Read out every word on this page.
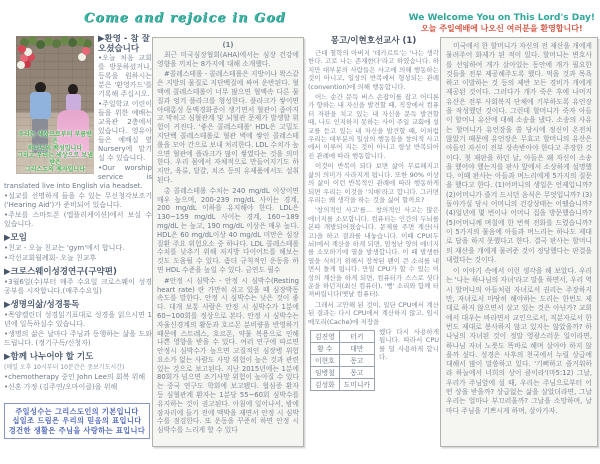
Come and rejoice in God	We Welcome You on This Lord's Day!
오늘 주일예배에 나오신 여러분을 환영합니다!
우리는 세상으로부터 부름받은
하나님의 백성입니다
그리고 우리는 세상으로 보냄받은
그리스도의 제자입니다
▶환영 - 참 잘 오셨습니다
•오늘 처음 교회를 방문하셨거나, 등록을 원하시는 분은 '환영카드'를 기록해 주십시오.
•주일학교 어린이들을 위한 예배는 교육관 2층에서 있습니다. 영유아들은 예배실 옆 Nursery에 맡기실 수 있습니다.
•Our worship service is translated live into English via headset.
•설교를 선명하게 들을 수 있는 무선청각보조기('Hearing Aid')가 준비되어 있습니다.
•주보를 스마트폰 (앱플리케이션)에서 보실 수 있습니다.
▶모임
•친교 - 오늘 친교는 'gym'에서 합니다.
•각선교회월례회- 오늘 친교후
▶크로스웨이성경연구(구약편)
•3월6일(수)부터 매주 수요일 크로스웨이 성경공부를 시작합니다.(매주수요일)
▶생명의삶/성경통독
•목양캘린더 성경읽기표대로 성경을 읽으시면 1년에 일독하실수 있습니다.
•생명의 삶은 날마다 주님과 동행하는 삶을 도와드립니다. (정기구독/신청자)
▶함께 나누어야 할 기도
(매일 오후 10시부터 10분간은 중보기도시간)
•chemotherapy 중인 John Lee의 회복 위해
•신혼 가정 (김주연/오마이클)을 위해
주일성수는 그리스도인의 기본입니다
십일조 드림은 우리의 믿음의 표입니다
경건한 생활은 주님을 사랑하는 표입니다
(1)
최근 미국심장협회(AHA)에서는 심장 건강에 영향을 끼치는 8가지에 대해 소개했다.
#콜레스테롤 - 콜레스테롤은 지방이나 왁스같은 지방의 물질로 지단백질에 싸여 운반된다. 혈액에 콜레스테롤이 너무 많으면 혈액속 다른 물질과 엉겨 플라크를 형성한다. 플라크가 쌓이면 아테롬성 동맥경화증이 생기면서 혈관이 좁아지고 막히고 심혈관계 및 뇌혈관 문제가 발생할 위험이 커진다. '좋은 콜레스테롤' HDL은 고밀도지단백 콜레스테롤로 혈관 벽에 쌓인 콜레스테롤을 모아 간으로 보내 처리한다. LDL 수치가 높으면 혈관에 플라크가 많이 쌓였다는 것을 의미한다. 우리 몸에서 자체적으로 만들어지기도 하지만, 육류, 달걀, 치즈 등의 유제품에서도 섭취된다.
총 콜레스테롤 수치는 240 mg/dL 이상이면 매우 높으며, 200-239 mg/dL 사이는 경계, 200 mg/dL 이하를 유지해야 한다. LDL은 130~159 mg/dL 사이는 경계, 160~189 mg/dL 는 높고, 190 mg/dL 이상은 매우 높다. HDL은 60 mg/dL이상 40 mg/dL 미만은 심장질환 주요 위험요소 중 하나다. LDL 콜레스테롤 수치를 낮추기 위해 저지방 다이어트를 해보는 것도 도움될 수 있다. 좀더 규칙적인 운동을 하면 HDL 수준을 높일 수 있다. 금연도 필수
#안정 시 심박수 - 안정 시 심박수(Resting heart rate) 란 가만히 쉬고 있을 때 심장박동 속도를 말한다. 안정 시 심박수는 낮은 것이 좋다. 대개 보통 사람은 안정 시 심박수가 1분에 60~100회를 정상으로 본다. 안정 시 심박수는 자율신경계의 활동과 호르몬 분비량을 반영하기 때문에 스트레스, 호르몬, 약물 복용으로 인해 나쁜 영향을 받을 수 있다. 여러 연구에 따르면 안정시 심박수가 높으면 고질적인 심장병 위험요소가 없는 사람도 사망 위험이 높은 것과 관련있는 것으로 보고된다. 지난 2015년에는 1분에 80회가 넘으면 조기사망 위험이 높아질 수 있다는 중국 연구도 학회에 보고됐다. 협심증 환자 등 심혈관계 환자는 1분당 55~60회 심박수를 유지하는 것이 권고된다. 아침에 일어나서, 밤에 잠자리에 들기 전에 맥박을 재면서 안정 시 심박수를 점검한다. 또 운동을 꾸준히 하면 안정 시 심박수를 느리게 할 수 있다
몽고/이현호선교사 (1)
근대 철학의 아버지 '데카르트'는 '나는 생각한다. 고로 나는 존재한다'라고 하였습니다. 하지만 대부분의 사람들은 사고에 의해 행동하는 것이 아니고, 일상의 반복에서 형성되는 관례(convention)에 의해 행동합니다.
어느 순간 문득 버스 손잡이를 잡고 어디론 가 향하는 내 자신을 발견할 때, 직장에서 컴퓨터 자판을 치고 있는 내 자신을 문득 발견할 때, 나도 인지하지 못하는 사이 주일 교회에 설교를 듣고 있는 내 자신을 발견할 때, 이처럼 우리는 대부분의 일상의 행동들을 창의적 사고에서 이루어 지는 것이 아니고 항상 반복되어진 관례에 따라 행동합니다.
이것이 반복이 되다 보면 삶이 무료해지고 삶의 의미가 사라지게 됩니다. 또한 90% 이상의 삶이 이런 반복적인 관례에 따라 행동하게 되면 우리는 이것을 '치매'라고 합니다. 그러면 우리는 왜 생각을 하는 것을 싫어 할까요?
'창의적인 사고'를... 창의적인 사고는 많은 에너지를 소모합니다. 컴퓨터는 인간의 두뇌를 본따 개발되어졌습니다. 문제를 주면 계산(사고)을 하고 결과를 내놓습니다. 이때 CPU(두뇌)에서 계산을 하게 되면, 엄청난 양의 에너지를 소모하기에 열을 발생합니다. 이 때 발생한 열을 식히기 위해서 장착된 팬이 큰 소리를 내면서 돌게 됩니다. 만일 CPU가 할 수 있는 이상의 계산을 하게 되면, 컴퓨터가 스스로 셧다운을 하던지(최신 컴퓨터), '뻥' 소리와 함께 터져버립니다(옛날 컴퓨터).
그래서 고안해 된 것이, 일단 CPU에서 계산된 결과는 다시 CPU에서 계산하지 않고, 임시메모리(Cache)에 저장을
김진영	터키
황 수	대만
이현호	몽고
임병철	몽고
김성화	도미니카
했다 다시 사용하게 됩니다. 따라서 CPU를 덜 사용하게 합니다.
미국에서 한 할머니가 자신의 전 재산을 개에게 물려주어 화제가 된 적이 있다. 할머니는 변호사를 선임하여 개가 살아있는 동안에 개가 필요한 것들을 전부 제공해주도록 했다. 먹을 것과 목욕하고 이발하는 것 등의 제반 모든 경비가 개에게 제공된 것이다. 그러다가 개가 죽은 후에 나머지 유산은 전부 사회복지 단체에 기부하도록 유언장을 작성했던 것이다. 그런데 할머니가 죽자 아들이 할머니 유산에 대해 소송을 냈다. 소송의 사유는 할머니가 유언장을 쓸 당시에 정신이 온전치 않았기 때문에 유언장은 무효고 할머니의 유산은 아들인 자신이 전부 상속받아야 한다고 주장한 것이다. 첫 재판을 하던 날, 아들은 왜 자신이 소송을 했어야 했는지를 판사 앞에서 소상하게 설명했다. 이때 판사는 아들과 며느리에게 5가지의 질문을 했다고 한다. (1)어머니의 생일은 언제입니까? (2)어머니가 즐겨 드시던 음식은 무엇입니까? (3)돌아가실 당시 어머니의 건강상태는 어땠습니까? (4)일년에 몇 번이나 어머니 집을 방문했습니까? (5)어머니께 며칠에 한 번씩 전화를 드렸습니까? 이 5가지의 물음에 아들과 며느리는 하나도 제대로 답을 하지 못했다고 한다. 결국 판사는 할머니의 재산을 개에게 물려준 것이 정당했다는 판결을 내렸다는 것이다.
이 이야기 속에서 이런 생각을 해 보았다. 우리는 '나는 하나님의 자녀'라고 말을 하면서, 우리 역시 할머니의 아들처럼 자녀로서 권리는 주장하지만, 자녀로서 마땅히 해야하는 도리는 한번도 제대로 하지 않으면서 살고 있는 것은 아닌가? 교회에서 대우는 바라면서 교인으로서, 직분자로서 한번도 제대로 봉사하지 않고 있지는 않았을까? 하나님의 자녀된 것이 정말 영광스러운 일이라면, 하나님 자녀 노릇도 똑바로 해며 살아야 하지 않을까 싶다. 성경은 사후의 천국에서 누릴 상급에 대해서 많이 말씀하고 있다. '기뻐하고 즐거워하라 하늘에서 너희의 상이 큼이라'(마5:12) 그날, 우리가 주님앞에 설 때, 우리는 주님으로부터 어떤 상을 받을까? 상급없는 삶을 살았더라면, 그날 우리는 얼마나 부끄러울까? 그날을 소망하며, 날마다 주님을 기쁘시게 하며, 살아가자.
